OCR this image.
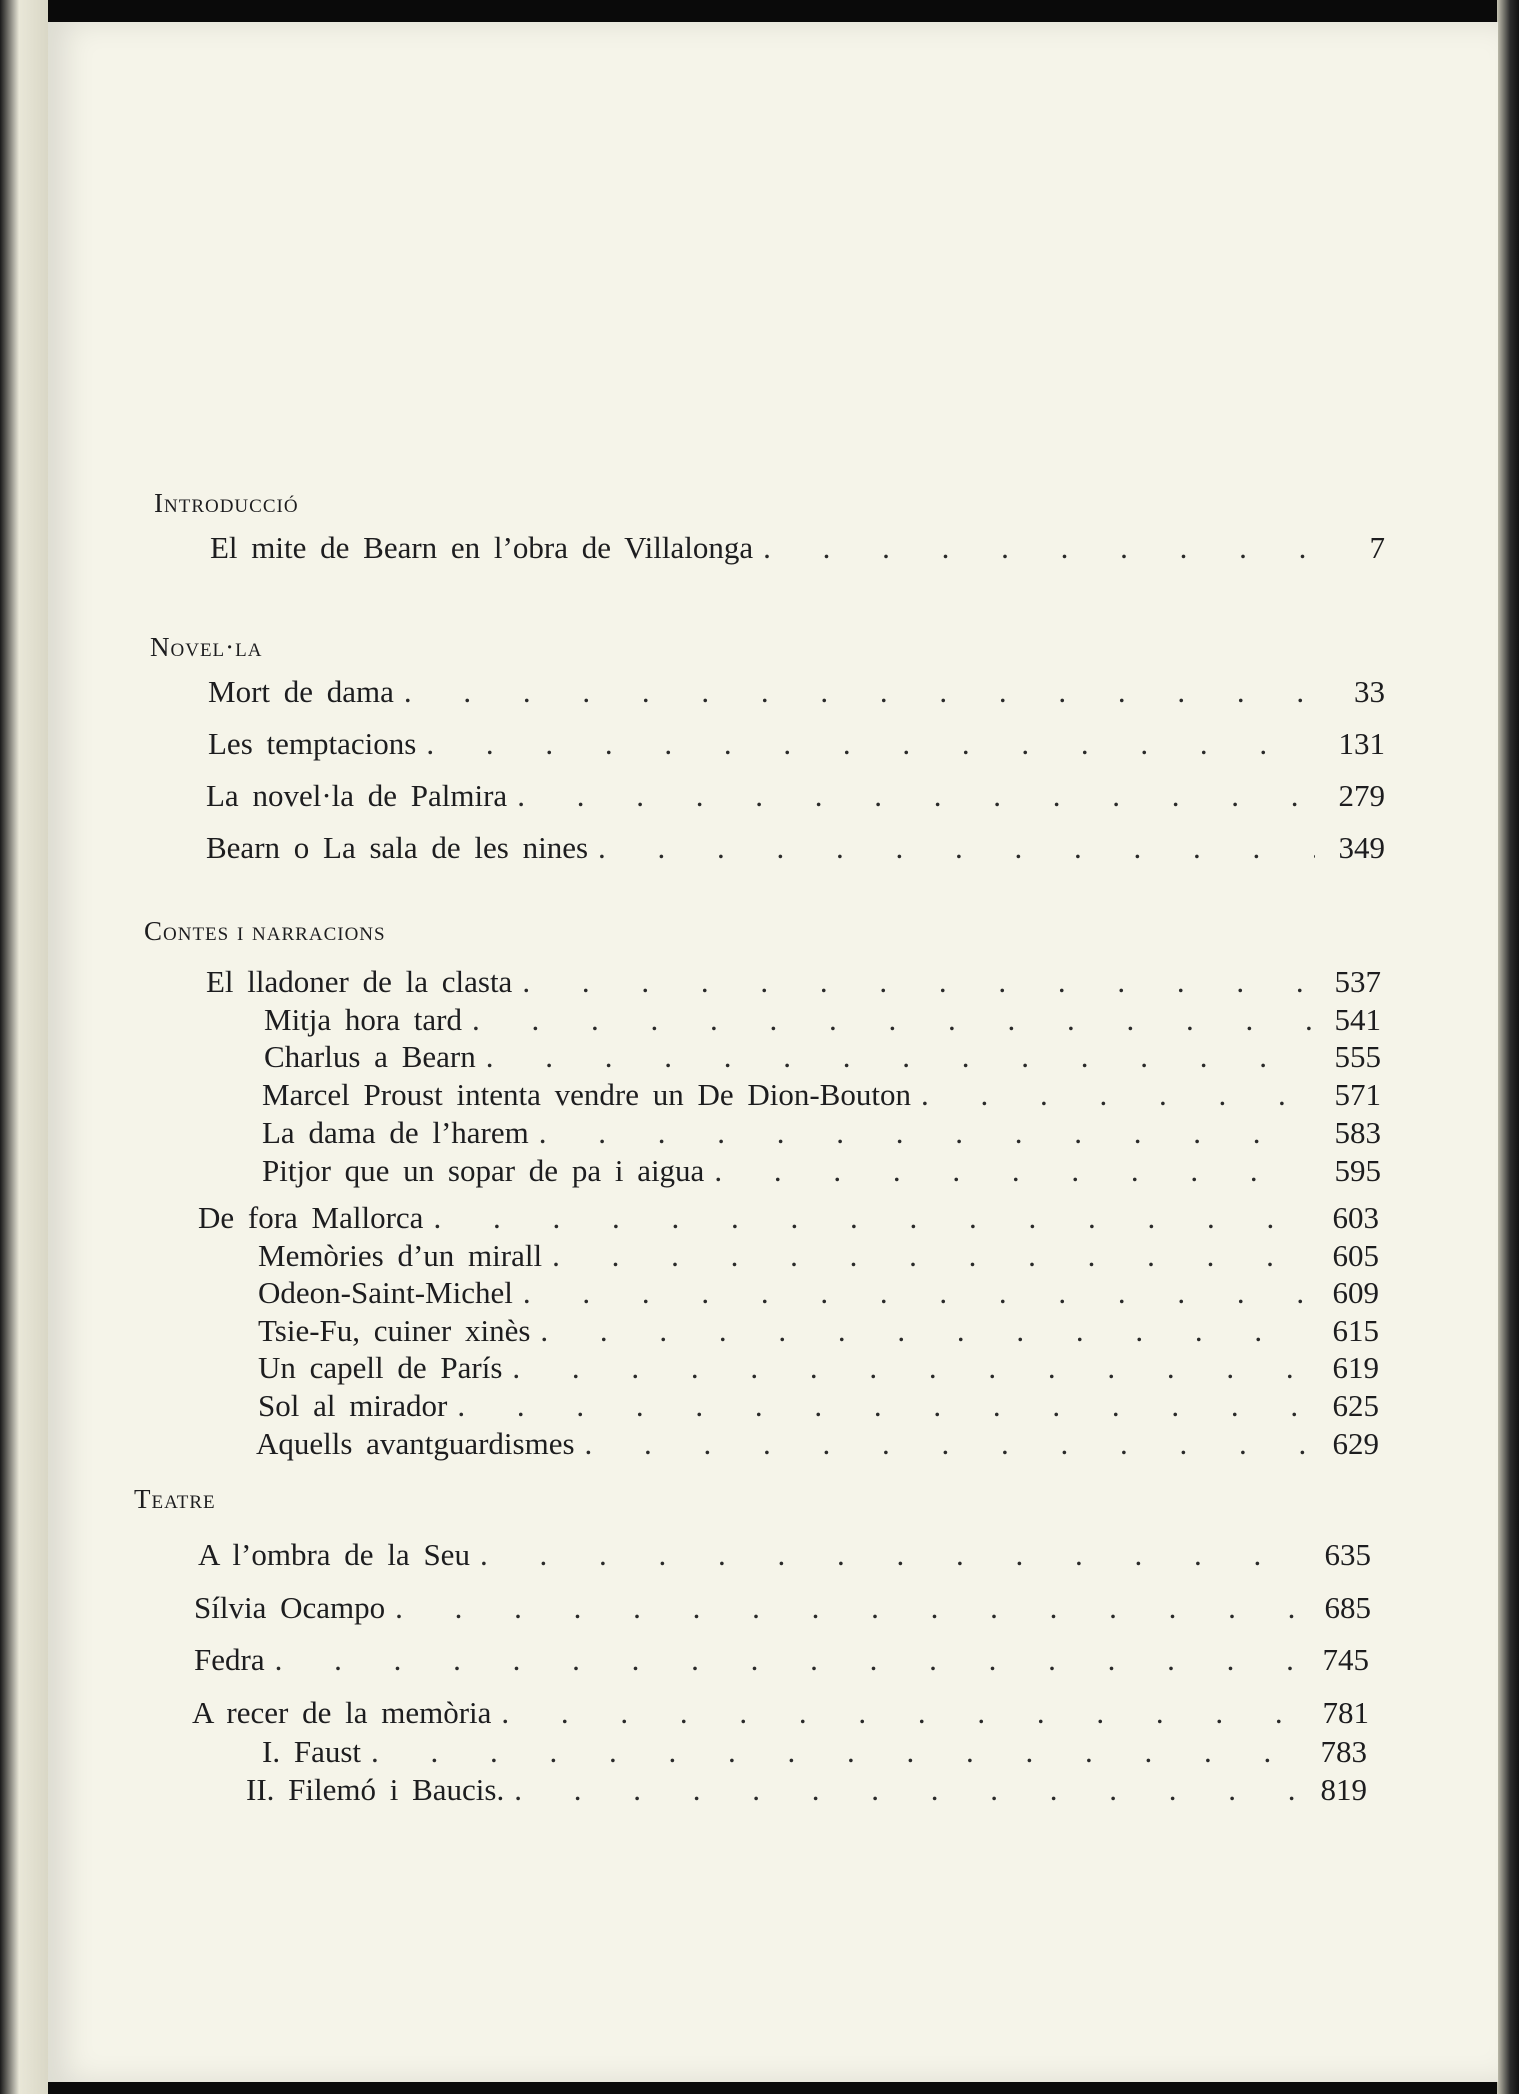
Introducció
El mite de Bearn en l’obra de Villalonga . . .	7
Novel·la
Mort de dama . . .	33
Les temptacions . . .	131
La novel·la de Palmira . . .	279
Bearn o La sala de les nines . . .	349
Contes i narracions
El lladoner de la clasta . . .	537
Mitja hora tard . . .	541
Charlus a Bearn . . .	555
Marcel Proust intenta vendre un De Dion-Bouton . . .	571
La dama de l’harem . . .	583
Pitjor que un sopar de pa i aigua . . .	595
De fora Mallorca . . .	603
Memòries d’un mirall . . .	605
Odeon-Saint-Michel . . .	609
Tsie-Fu, cuiner xinès . . .	615
Un capell de París . . .	619
Sol al mirador . . .	625
Aquells avantguardismes . . .	629
Teatre
A l’ombra de la Seu . . .	635
Sílvia Ocampo . . .	685
Fedra . . .	745
A recer de la memòria . . .	781
I. Faust . . .	783
II. Filemó i Baucis. . . .	819
